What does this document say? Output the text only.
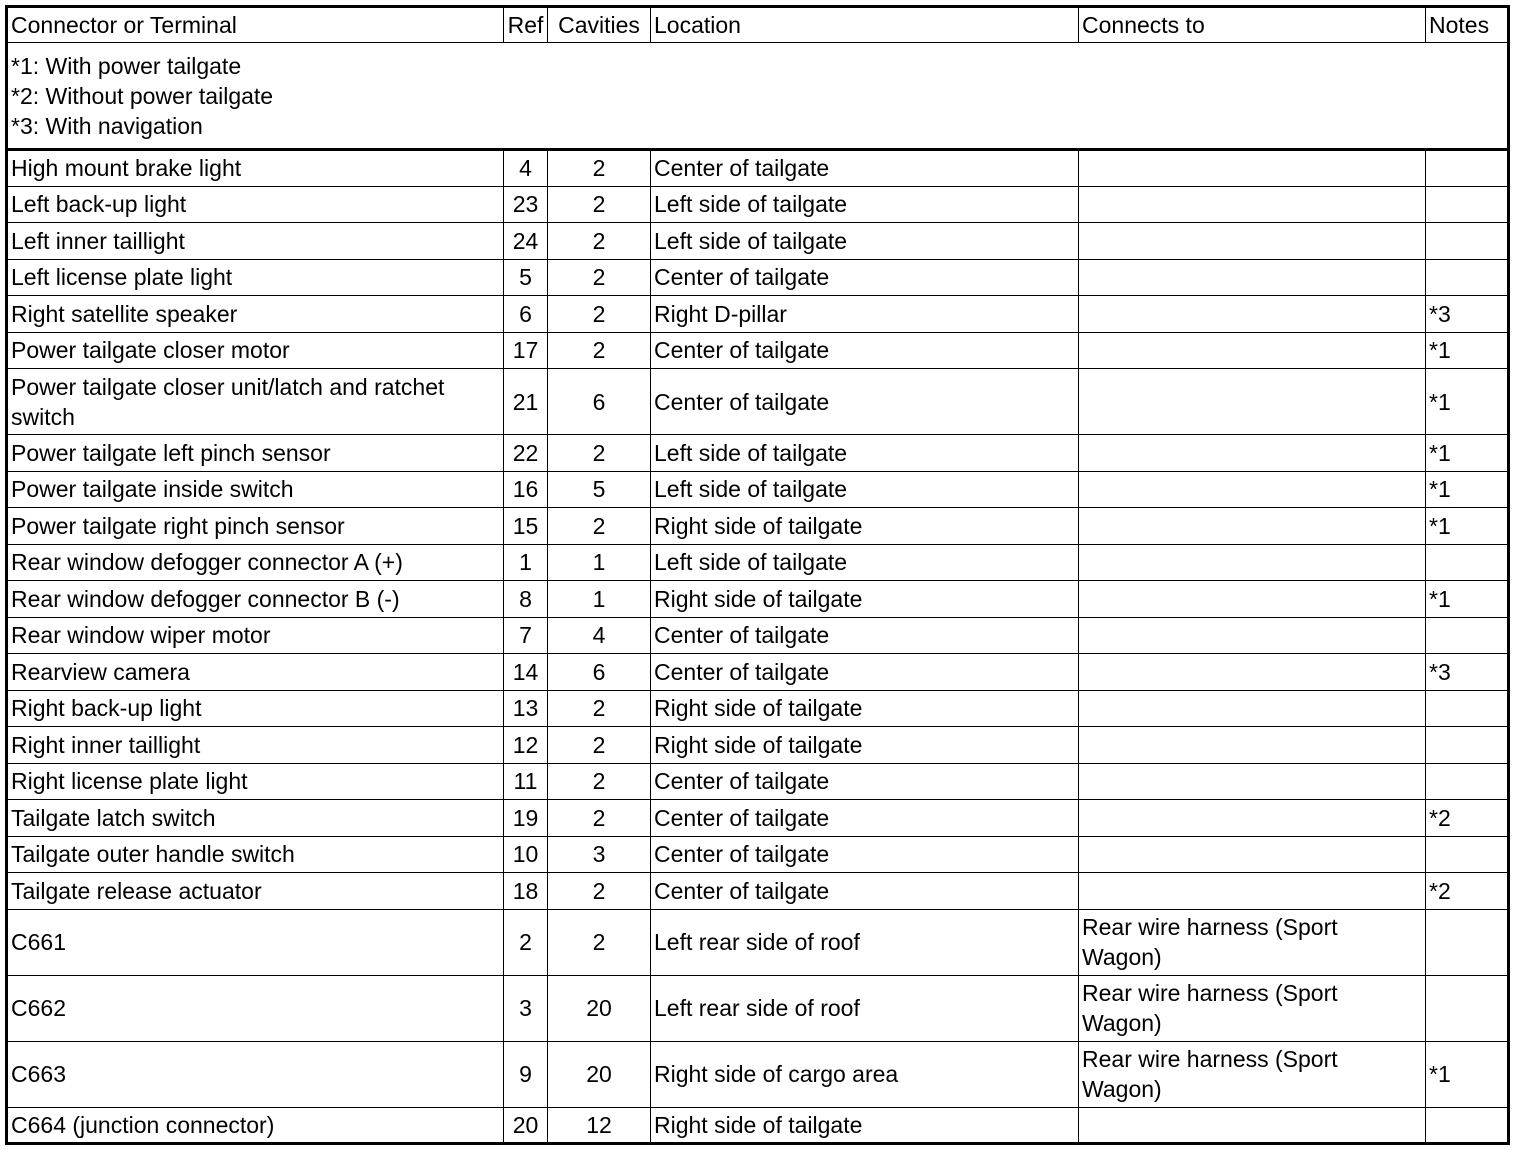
Connector or Terminal	Ref	Cavities	Location	Connects to	Notes

*1: With power tailgate
*2: Without power tailgate
*3: With navigation					

High mount brake light	4	2	Center of tailgate		
Left back-up light	23	2	Left side of tailgate		
Left inner taillight	24	2	Left side of tailgate		
Left license plate light	5	2	Center of tailgate		
Right satellite speaker	6	2	Right D-pillar		*3
Power tailgate closer motor	17	2	Center of tailgate		*1
Power tailgate closer unit/latch and ratchet switch	21	6	Center of tailgate		*1
Power tailgate left pinch sensor	22	2	Left side of tailgate		*1
Power tailgate inside switch	16	5	Left side of tailgate		*1
Power tailgate right pinch sensor	15	2	Right side of tailgate		*1
Rear window defogger connector A (+)	1	1	Left side of tailgate		
Rear window defogger connector B (-)	8	1	Right side of tailgate		*1
Rear window wiper motor	7	4	Center of tailgate		
Rearview camera	14	6	Center of tailgate		*3
Right back-up light	13	2	Right side of tailgate		
Right inner taillight	12	2	Right side of tailgate		
Right license plate light	11	2	Center of tailgate		
Tailgate latch switch	19	2	Center of tailgate		*2
Tailgate outer handle switch	10	3	Center of tailgate		
Tailgate release actuator	18	2	Center of tailgate		*2
C661	2	2	Left rear side of roof	Rear wire harness (Sport Wagon)	
C662	3	20	Left rear side of roof	Rear wire harness (Sport Wagon)	
C663	9	20	Right side of cargo area	Rear wire harness (Sport Wagon)	*1
C664 (junction connector)	20	12	Right side of tailgate		
